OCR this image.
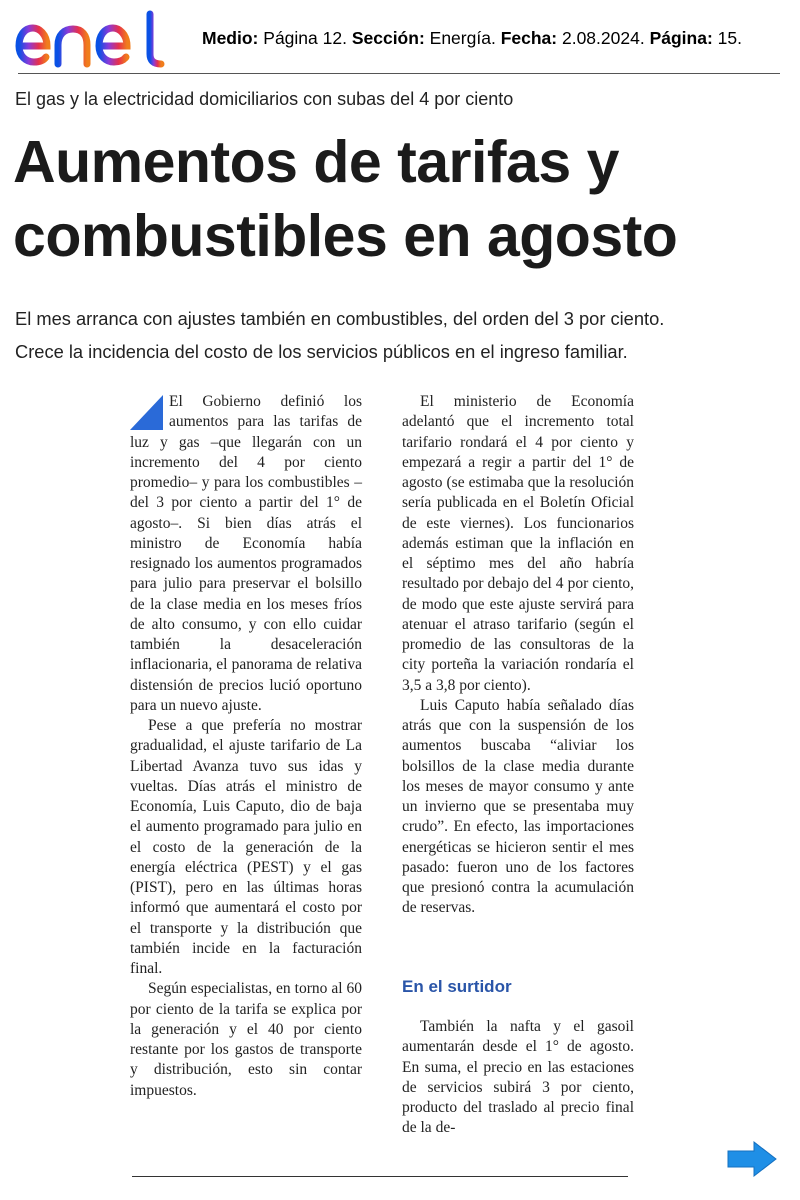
Medio: Página 12. Sección: Energía. Fecha: 2.08.2024. Página: 15.
El gas y la electricidad domiciliarios con subas del 4 por ciento
Aumentos de tarifas y
combustibles en agosto
El mes arranca con ajustes también en combustibles, del orden del 3 por ciento.
Crece la incidencia del costo de los servicios públicos en el ingreso familiar.

El Gobierno definió los aumentos para las tarifas de luz y gas –que llegarán con un incremento del 4 por ciento promedio– y para los combustibles –del 3 por ciento a partir del 1° de agosto–. Si bien días atrás el ministro de Economía había resignado los aumentos programados para julio para preservar el bolsillo de la clase media en los meses fríos de alto consumo, y con ello cuidar también la desaceleración inflacionaria, el panorama de relativa distensión de precios lució oportuno para un nuevo ajuste.

Pese a que prefería no mostrar gradualidad, el ajuste tarifario de La Libertad Avanza tuvo sus idas y vueltas. Días atrás el ministro de Economía, Luis Caputo, dio de baja el aumento programado para julio en el costo de la generación de la energía eléctrica (PEST) y el gas (PIST), pero en las últimas horas informó que aumentará el costo por el transporte y la distribución que también incide en la facturación final.

Según especialistas, en torno al 60 por ciento de la tarifa se explica por la generación y el 40 por ciento restante por los gastos de transporte y distribución, esto sin contar impuestos.

El ministerio de Economía adelantó que el incremento total tarifario rondará el 4 por ciento y empezará a regir a partir del 1° de agosto (se estimaba que la resolución sería publicada en el Boletín Oficial de este viernes). Los funcionarios además estiman que la inflación en el séptimo mes del año habría resultado por debajo del 4 por ciento, de modo que este ajuste servirá para atenuar el atraso tarifario (según el promedio de las consultoras de la city porteña la variación rondaría el 3,5 a 3,8 por ciento).

Luis Caputo había señalado días atrás que con la suspensión de los aumentos buscaba “aliviar los bolsillos de la clase media durante los meses de mayor consumo y ante un invierno que se presentaba muy crudo”. En efecto, las importaciones energéticas se hicieron sentir el mes pasado: fueron uno de los factores que presionó contra la acumulación de reservas.

En el surtidor

También la nafta y el gasoil aumentarán desde el 1° de agosto. En suma, el precio en las estaciones de servicios subirá 3 por ciento, producto del traslado al precio final de la de-
